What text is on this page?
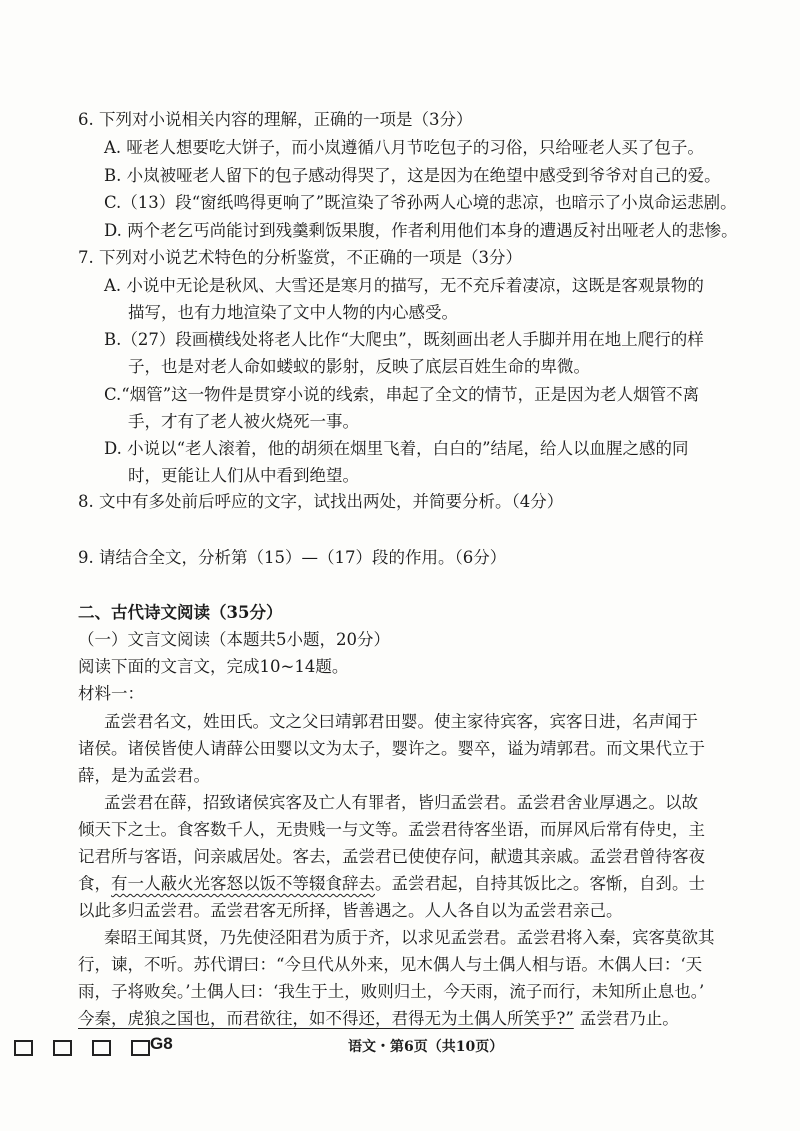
6. 下列对小说相关内容的理解，正确的一项是（3分）
A. 哑老人想要吃大饼子，而小岚遵循八月节吃包子的习俗，只给哑老人买了包子。
B. 小岚被哑老人留下的包子感动得哭了，这是因为在绝望中感受到爷爷对自己的爱。
C.（13）段“窗纸鸣得更响了”既渲染了爷孙两人心境的悲凉，也暗示了小岚命运悲剧。
D. 两个老乞丐尚能讨到残羹剩饭果腹，作者利用他们本身的遭遇反衬出哑老人的悲惨。
7. 下列对小说艺术特色的分析鉴赏，不正确的一项是（3分）
A. 小说中无论是秋风、大雪还是寒月的描写，无不充斥着凄凉，这既是客观景物的
描写，也有力地渲染了文中人物的内心感受。
B.（27）段画横线处将老人比作“大爬虫”，既刻画出老人手脚并用在地上爬行的样
子，也是对老人命如蝼蚁的影射，反映了底层百姓生命的卑微。
C.“烟管”这一物件是贯穿小说的线索，串起了全文的情节，正是因为老人烟管不离
手，才有了老人被火烧死一事。
D. 小说以“老人滚着，他的胡须在烟里飞着，白白的”结尾，给人以血腥之感的同
时，更能让人们从中看到绝望。
8. 文中有多处前后呼应的文字，试找出两处，并简要分析。（4分）
9. 请结合全文，分析第（15）—（17）段的作用。（6分）
二、古代诗文阅读（35分）
（一）文言文阅读（本题共5小题，20分）
阅读下面的文言文，完成10~14题。
材料一：
孟尝君名文，姓田氏。文之父曰靖郭君田婴。使主家待宾客，宾客日进，名声闻于
诸侯。诸侯皆使人请薛公田婴以文为太子，婴许之。婴卒，谥为靖郭君。而文果代立于
薛，是为孟尝君。
孟尝君在薛，招致诸侯宾客及亡人有罪者，皆归孟尝君。孟尝君舍业厚遇之。以故
倾天下之士。食客数千人，无贵贱一与文等。孟尝君待客坐语，而屏风后常有侍史，主
记君所与客语，问亲戚居处。客去，孟尝君已使使存问，献遗其亲戚。孟尝君曾待客夜
食，有一人蔽火光客怒以饭不等辍食辞去。孟尝君起，自持其饭比之。客惭，自刭。士
以此多归孟尝君。孟尝君客无所择，皆善遇之。人人各自以为孟尝君亲己。
秦昭王闻其贤，乃先使泾阳君为质于齐，以求见孟尝君。孟尝君将入秦，宾客莫欲其
行，谏，不听。苏代谓曰：“今旦代从外来，见木偶人与土偶人相与语。木偶人曰：‘天
雨，子将败矣。’土偶人曰：‘我生于土，败则归土，今天雨，流子而行，未知所止息也。’
今秦，虎狼之国也，而君欲往，如不得还，君得无为土偶人所笑乎?” 孟尝君乃止。
G8	语文・第6页（共10页）
